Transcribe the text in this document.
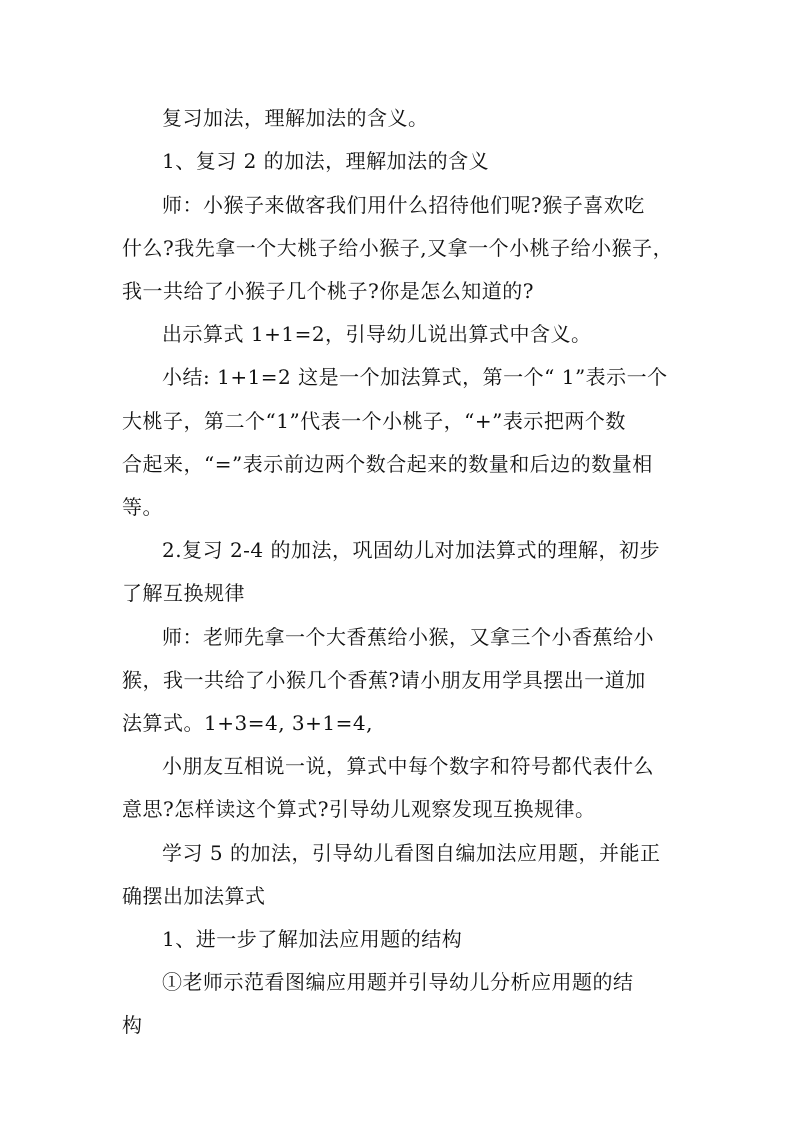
复习加法，理解加法的含义。
1、复习 2 的加法，理解加法的含义
师：小猴子来做客我们用什么招待他们呢?猴子喜欢吃
什么?我先拿一个大桃子给小猴子,又拿一个小桃子给小猴子，
我一共给了小猴子几个桃子?你是怎么知道的?
出示算式 1+1=2，引导幼儿说出算式中含义。
小结: 1+1=2 这是一个加法算式，第一个“ 1”表示一个
大桃子，第二个“1”代表一个小桃子，“+”表示把两个数
合起来，“=”表示前边两个数合起来的数量和后边的数量相
等。
2.复习 2-4 的加法，巩固幼儿对加法算式的理解，初步
了解互换规律
师：老师先拿一个大香蕉给小猴，又拿三个小香蕉给小
猴，我一共给了小猴几个香蕉?请小朋友用学具摆出一道加
法算式。1+3=4, 3+1=4,
小朋友互相说一说，算式中每个数字和符号都代表什么
意思?怎样读这个算式?引导幼儿观察发现互换规律。
学习 5 的加法，引导幼儿看图自编加法应用题，并能正
确摆出加法算式
1、进一步了解加法应用题的结构
①老师示范看图编应用题并引导幼儿分析应用题的结
构
